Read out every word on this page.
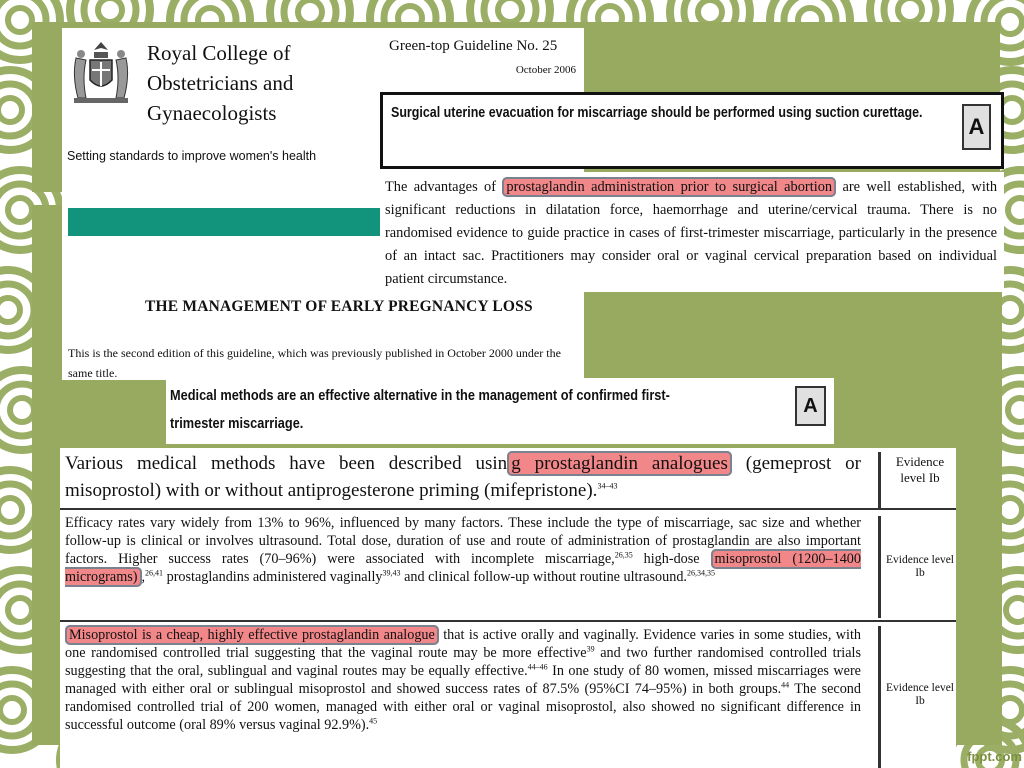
Royal College of
Obstetricians and
Gynaecologists
Setting standards to improve women's health
Green-top Guideline No. 25
October 2006
THE MANAGEMENT OF EARLY PREGNANCY LOSS
This is the second edition of this guideline, which was previously published in October 2000 under the same title.
Surgical uterine evacuation for miscarriage should be performed using suction curettage.
A
The advantages of prostaglandin administration prior to surgical abortion are well established, with significant reductions in dilatation force, haemorrhage and uterine/cervical trauma. There is no randomised evidence to guide practice in cases of first-trimester miscarriage, particularly in the presence of an intact sac. Practitioners may consider oral or vaginal cervical preparation based on individual patient circumstance.
Medical methods are an effective alternative in the management of confirmed first-trimester miscarriage.
A
Various medical methods have been described usin g prostaglandin analogues (gemeprost or misoprostol) with or without antiprogesterone priming (mifepristone).$^{34-43}$
Evidence level Ib
Efficacy rates vary widely from 13% to 96%, influenced by many factors. These include the type of miscarriage, sac size and whether follow-up is clinical or involves ultrasound. Total dose, duration of use and route of administration of prostaglandin are also important factors. Higher success rates (70–96%) were associated with incomplete miscarriage,$^{26,35}$ high-dose misoprostol (1200–1400 micrograms) ,$^{26,41}$ prostaglandins administered vaginally$^{39,43}$ and clinical follow-up without routine ultrasound.$^{26,34,35}$
Evidence level Ib
Misoprostol is a cheap, highly effective prostaglandin analogue that is active orally and vaginally. Evidence varies in some studies, with one randomised controlled trial suggesting that the vaginal route may be more effective$^{39}$ and two further randomised controlled trials suggesting that the oral, sublingual and vaginal routes may be equally effective.$^{44-46}$ In one study of 80 women, missed miscarriages were managed with either oral or sublingual misoprostol and showed success rates of 87.5% (95%CI 74–95%) in both groups.$^{44}$ The second randomised controlled trial of 200 women, managed with either oral or vaginal misoprostol, also showed no significant difference in successful outcome (oral 89% versus vaginal 92.9%).$^{45}$
Evidence level Ib
fppt.com
